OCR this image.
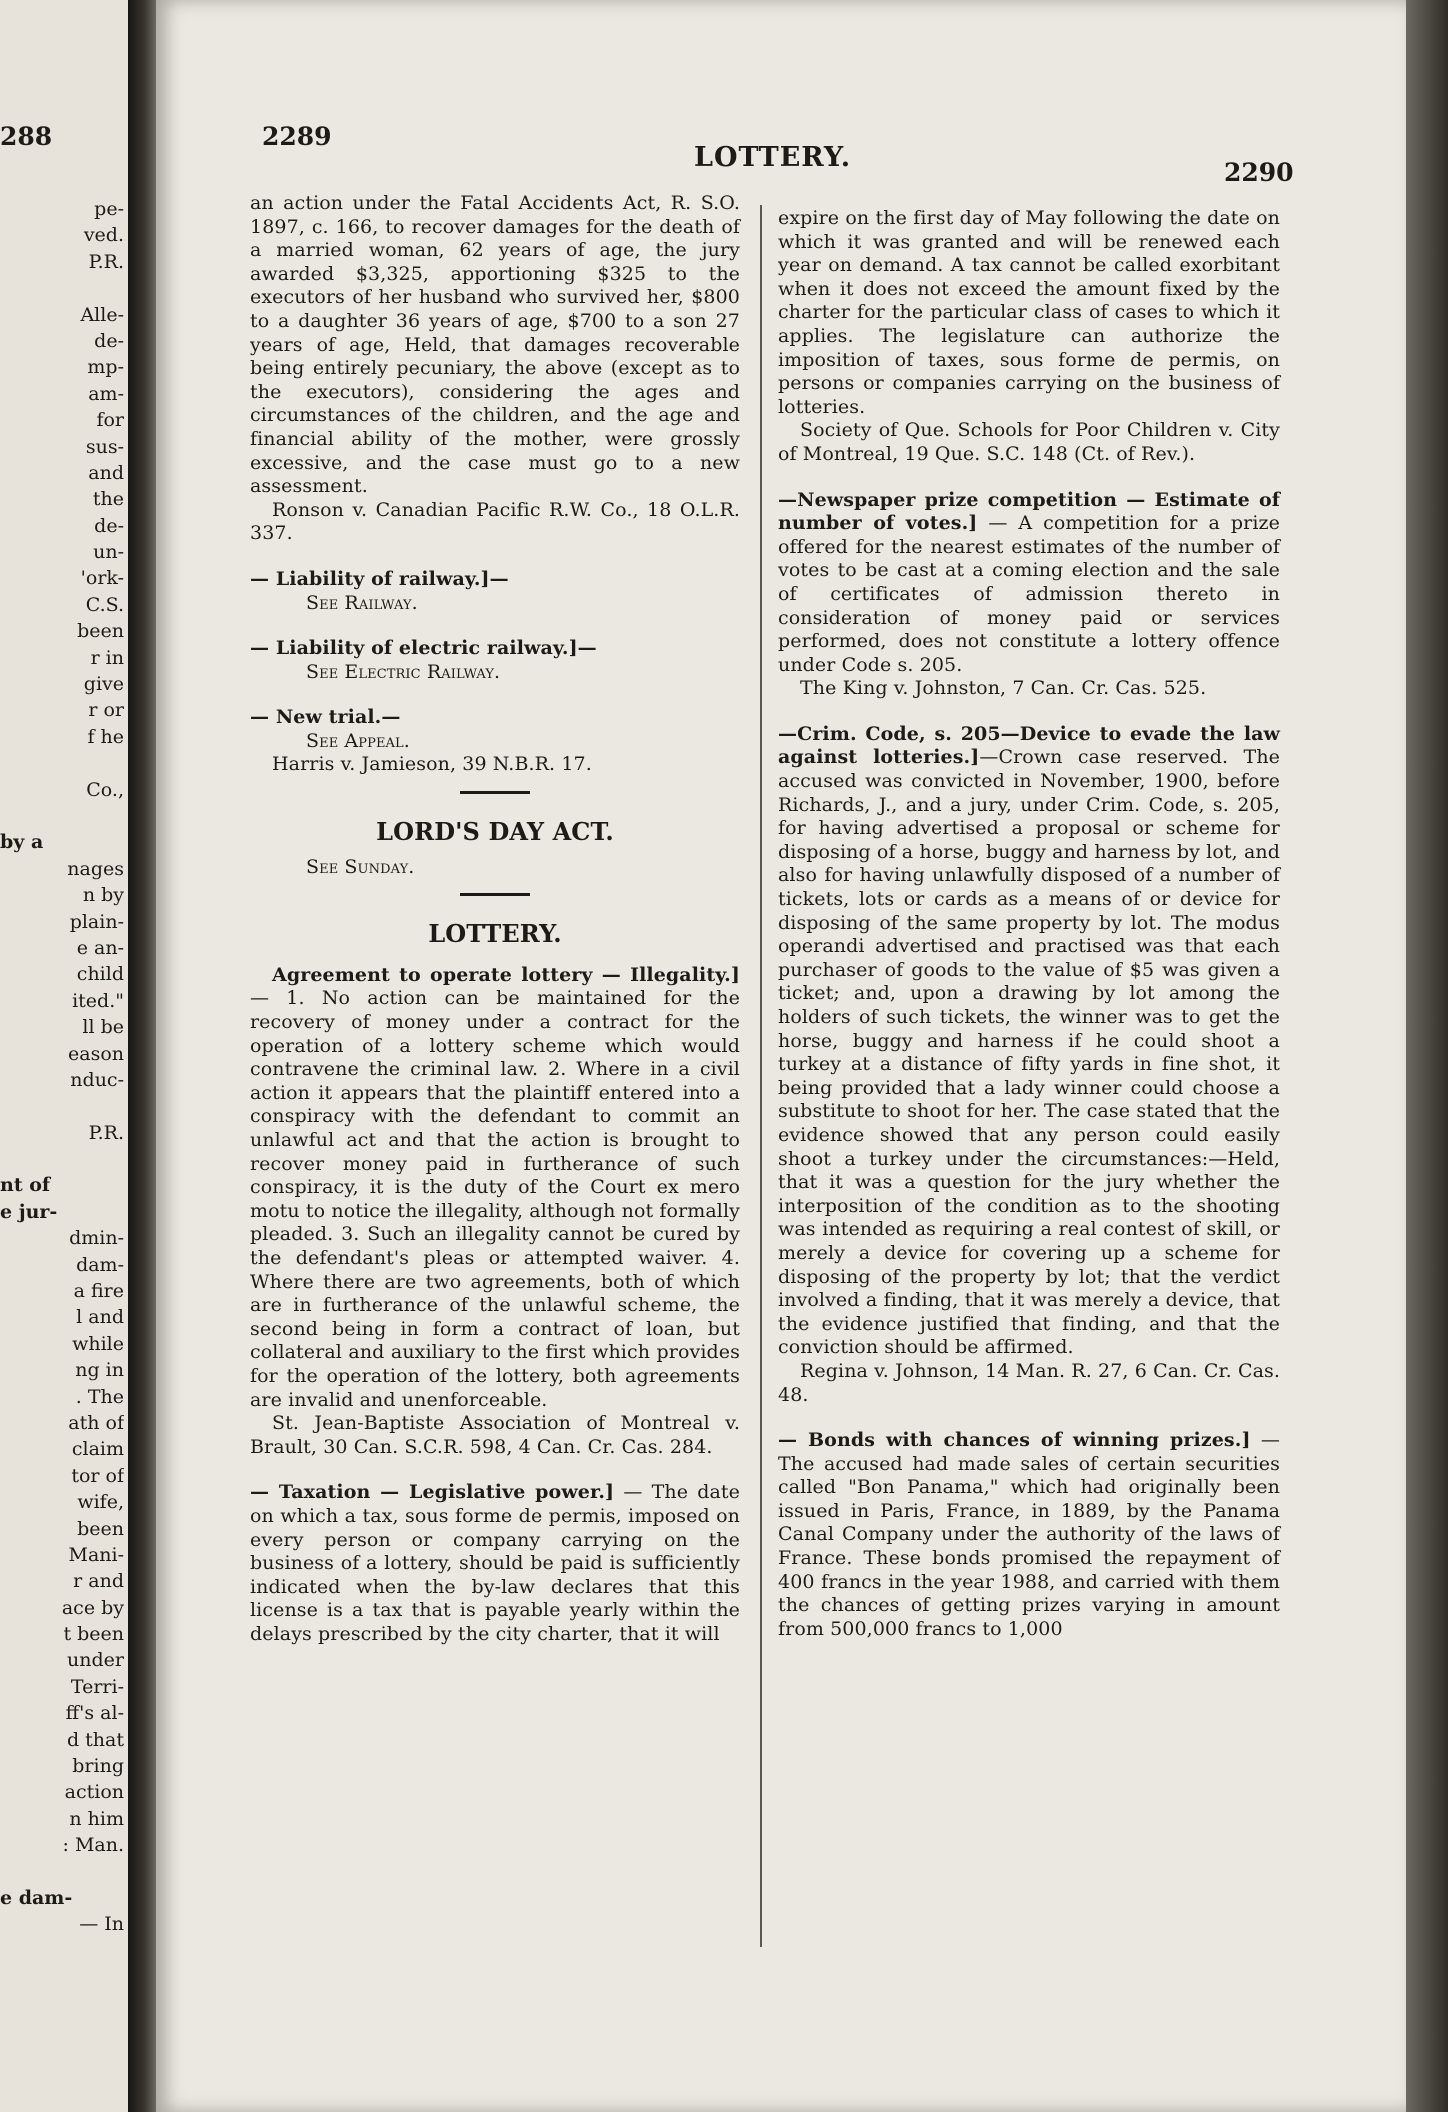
288
pe-
ved.
P.R.
Alle-
de-
mp-
am-
for
sus-
and
the
de-
un-
'ork-
C.S.
been
r in
give
r or
f he
Co.,
by a
nages
n by
plain-
e an-
child
ited."
ll be
eason
nduc-
P.R.
nt of
e jur-
dmin-
dam-
a fire
l and
while
ng in
. The
ath of
claim
tor of
wife,
been
Mani-
r and
ace by
t been
under
Terri-
ff's al-
d that
bring
action
n him
: Man.
e dam-
— In
2289
LOTTERY.	2290

an action under the Fatal Accidents Act, R. S.O. 1897, c. 166, to recover damages for the death of a married woman, 62 years of age, the jury awarded $3,325, apportioning $325 to the executors of her husband who survived her, $800 to a daughter 36 years of age, $700 to a son 27 years of age, Held, that damages recoverable being entirely pecuniary, the above (except as to the executors), considering the ages and circumstances of the children, and the age and financial ability of the mother, were grossly excessive, and the case must go to a new assessment.

Ronson v. Canadian Pacific R.W. Co., 18 O.L.R. 337.

— Liability of railway.]—

See Railway.

— Liability of electric railway.]—

See Electric Railway.

— New trial.—

See Appeal.

Harris v. Jamieson, 39 N.B.R. 17.

LORD'S DAY ACT.

See Sunday.

LOTTERY.

Agreement to operate lottery — Illegality.] — 1. No action can be maintained for the recovery of money under a contract for the operation of a lottery scheme which would contravene the criminal law. 2. Where in a civil action it appears that the plaintiff entered into a conspiracy with the defendant to commit an unlawful act and that the action is brought to recover money paid in furtherance of such conspiracy, it is the duty of the Court ex mero motu to notice the illegality, although not formally pleaded. 3. Such an illegality cannot be cured by the defendant's pleas or attempted waiver. 4. Where there are two agreements, both of which are in furtherance of the unlawful scheme, the second being in form a contract of loan, but collateral and auxiliary to the first which provides for the operation of the lottery, both agreements are invalid and unenforceable.

St. Jean-Baptiste Association of Montreal v. Brault, 30 Can. S.C.R. 598, 4 Can. Cr. Cas. 284.

— Taxation — Legislative power.] — The date on which a tax, sous forme de permis, imposed on every person or company carrying on the business of a lottery, should be paid is sufficiently indicated when the by-law declares that this license is a tax that is payable yearly within the delays prescribed by the city charter, that it will

expire on the first day of May following the date on which it was granted and will be renewed each year on demand. A tax cannot be called exorbitant when it does not exceed the amount fixed by the charter for the particular class of cases to which it applies. The legislature can authorize the imposition of taxes, sous forme de permis, on persons or companies carrying on the business of lotteries.

Society of Que. Schools for Poor Children v. City of Montreal, 19 Que. S.C. 148 (Ct. of Rev.).

—Newspaper prize competition — Estimate of number of votes.] — A competition for a prize offered for the nearest estimates of the number of votes to be cast at a coming election and the sale of certificates of admission thereto in consideration of money paid or services performed, does not constitute a lottery offence under Code s. 205.

The King v. Johnston, 7 Can. Cr. Cas. 525.

—Crim. Code, s. 205—Device to evade the law against lotteries.]—Crown case reserved. The accused was convicted in November, 1900, before Richards, J., and a jury, under Crim. Code, s. 205, for having advertised a proposal or scheme for disposing of a horse, buggy and harness by lot, and also for having unlawfully disposed of a number of tickets, lots or cards as a means of or device for disposing of the same property by lot. The modus operandi advertised and practised was that each purchaser of goods to the value of $5 was given a ticket; and, upon a drawing by lot among the holders of such tickets, the winner was to get the horse, buggy and harness if he could shoot a turkey at a distance of fifty yards in fine shot, it being provided that a lady winner could choose a substitute to shoot for her. The case stated that the evidence showed that any person could easily shoot a turkey under the circumstances:—Held, that it was a question for the jury whether the interposition of the condition as to the shooting was intended as requiring a real contest of skill, or merely a device for covering up a scheme for disposing of the property by lot; that the verdict involved a finding, that it was merely a device, that the evidence justified that finding, and that the conviction should be affirmed.

Regina v. Johnson, 14 Man. R. 27, 6 Can. Cr. Cas. 48.

— Bonds with chances of winning prizes.] —The accused had made sales of certain securities called "Bon Panama," which had originally been issued in Paris, France, in 1889, by the Panama Canal Company under the authority of the laws of France. These bonds promised the repayment of 400 francs in the year 1988, and carried with them the chances of getting prizes varying in amount from 500,000 francs to 1,000
